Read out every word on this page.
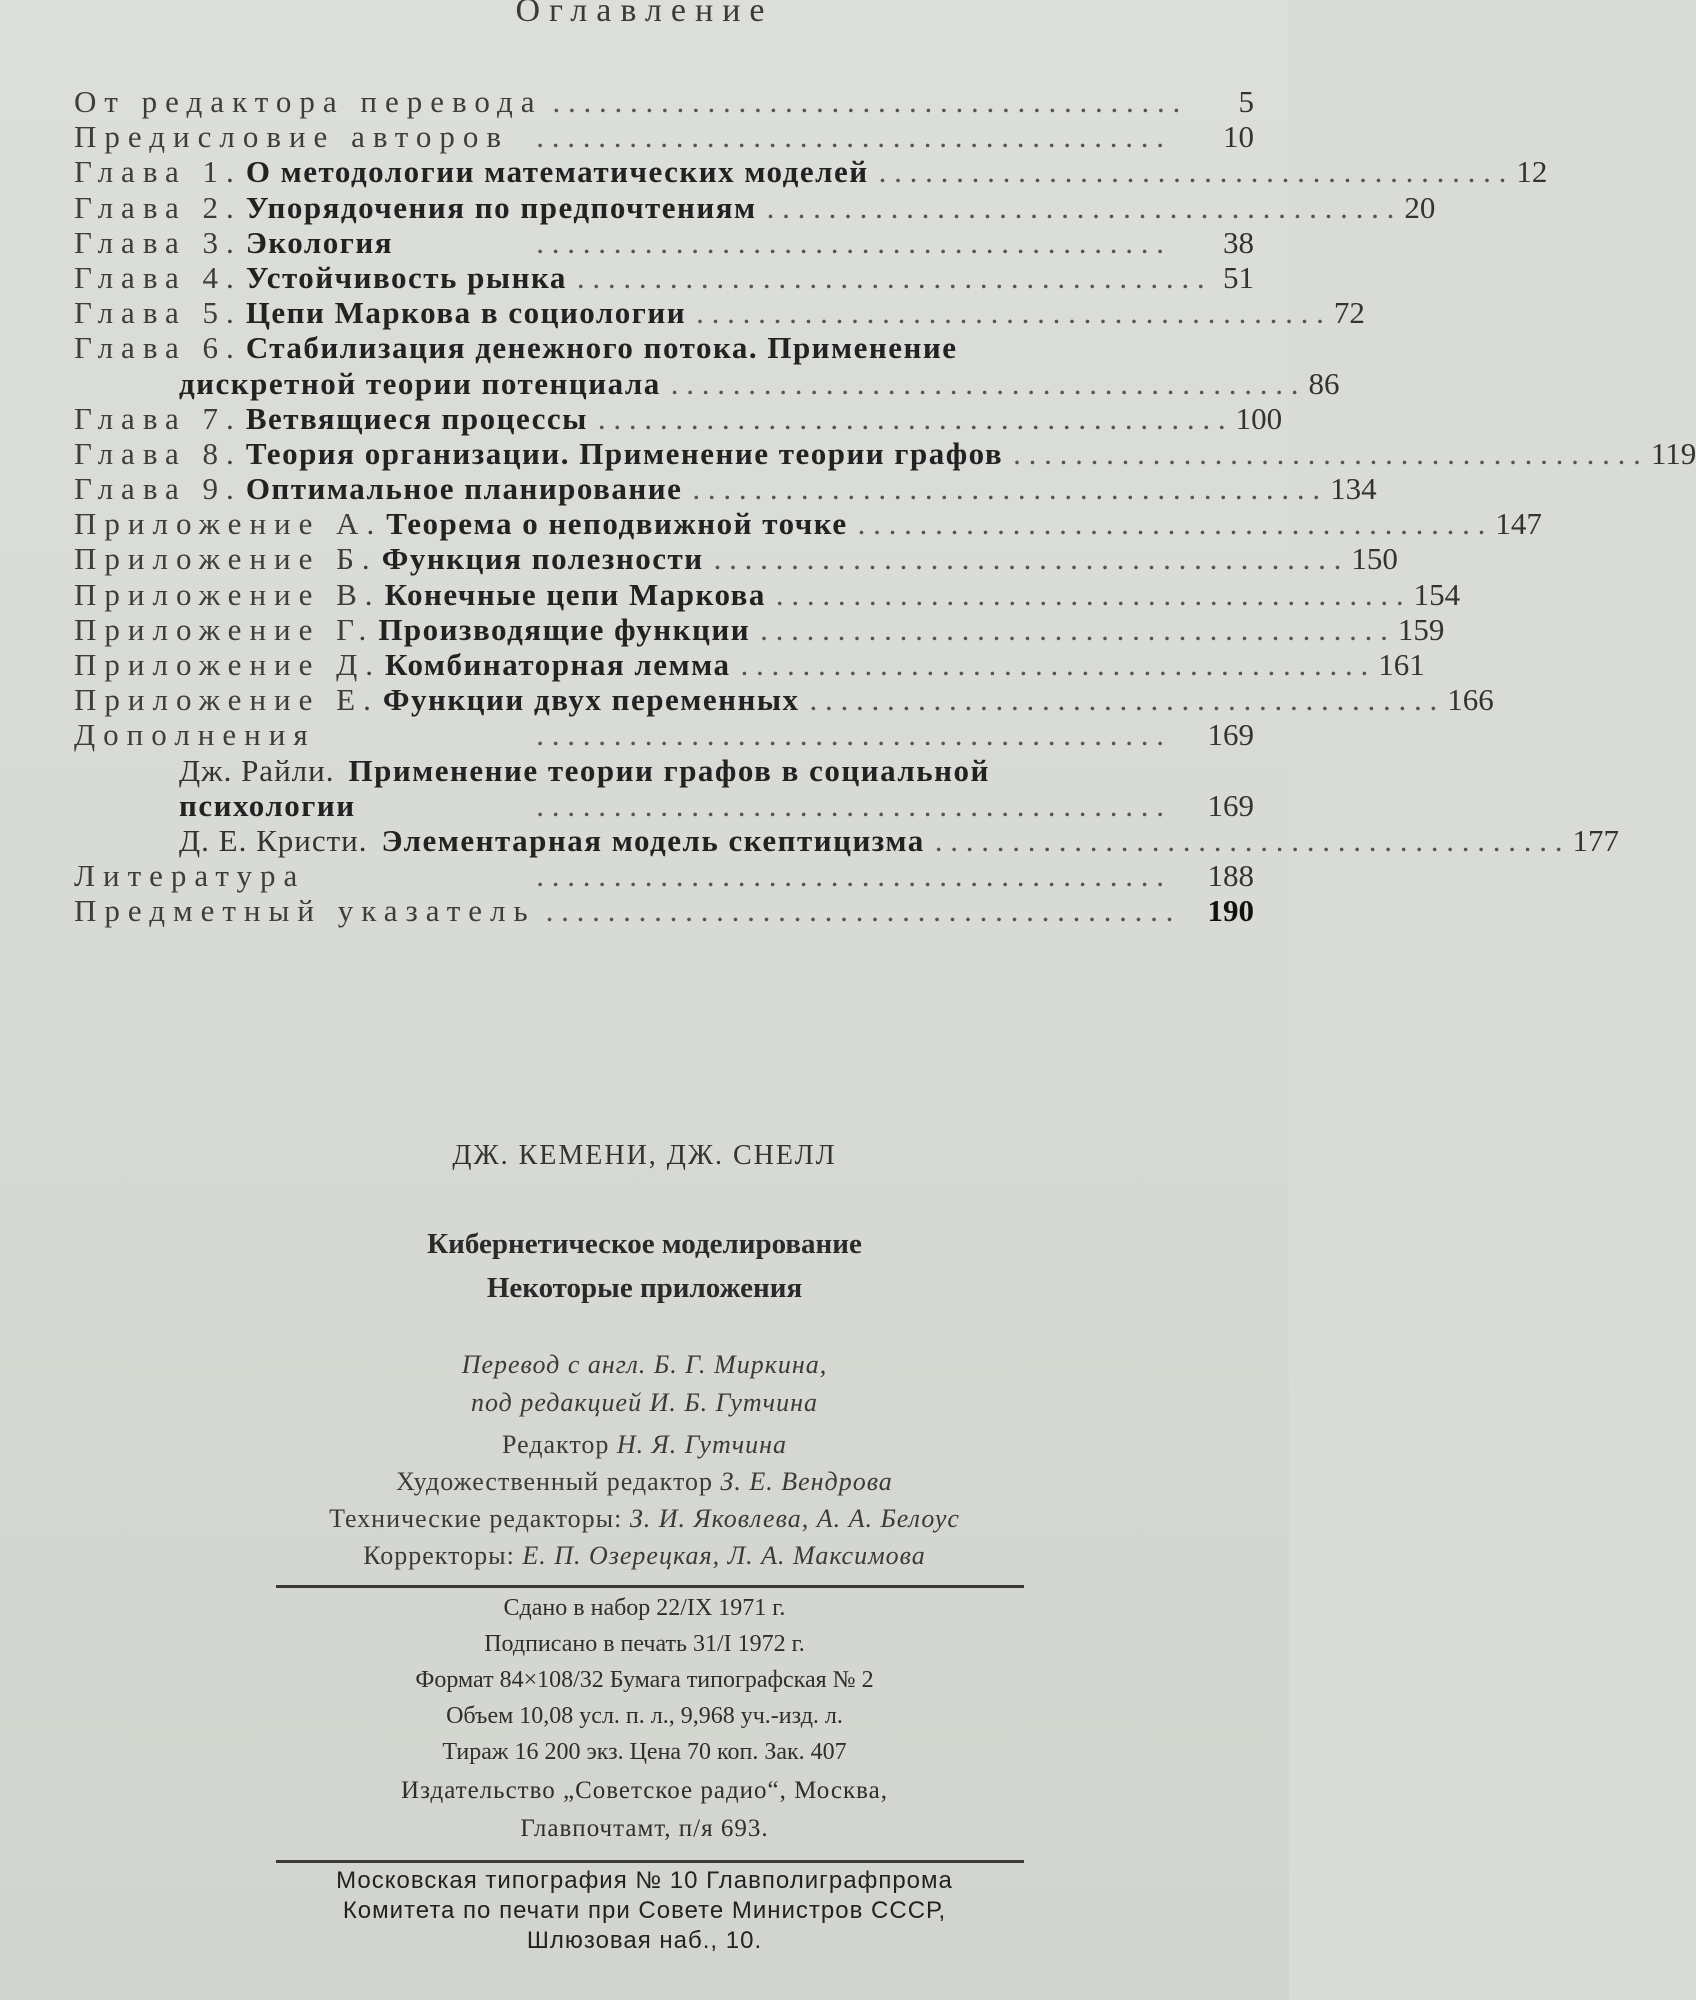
Оглавление
От редактора перевода . . . . . . . . . . . . . . . . . . . . . . . . . . . . . . . . . . . . . . . . .	5
Предисловие авторов . . . . . . . . . . . . . . . . . . . . . . . . . . . . . . . . . . . . . . . . .	10
Глава 1. О методологии математических моделей . . . . . . . . . . . . . . . . . . . . . . . . . . . . . . . . . . . . . . . . . 12
Глава 2. Упорядочения по предпочтениям . . . . . . . . . . . . . . . . . . . . . . . . . . . . . . . . . . . . . . . . . 20
Глава 3. Экология	. . . . . . . . . . . . . . . . . . . . . . . . . . . . . . . . . . . . . . . . .	38
Глава 4. Устойчивость рынка . . . . . . . . . . . . . . . . . . . . . . . . . . . . . . . . . . . . . . . . . 51
Глава 5. Цепи Маркова в социологии . . . . . . . . . . . . . . . . . . . . . . . . . . . . . . . . . . . . . . . . . 72
Глава 6. Стабилизация денежного потока. Применение
дискретной теории потенциала . . . . . . . . . . . . . . . . . . . . . . . . . . . . . . . . . . . . . . . . . 86
Глава 7. Ветвящиеся процессы . . . . . . . . . . . . . . . . . . . . . . . . . . . . . . . . . . . . . . . . . 100
Глава 8. Теория организации. Применение теории графов . . . . . . . . . . . . . . . . . . . . . . . . . . . . . . . . . . . . . . . . . 119
Глава 9. Оптимальное планирование . . . . . . . . . . . . . . . . . . . . . . . . . . . . . . . . . . . . . . . . . 134
Приложение А. Теорема о неподвижной точке . . . . . . . . . . . . . . . . . . . . . . . . . . . . . . . . . . . . . . . . . 147
Приложение Б. Функция полезности . . . . . . . . . . . . . . . . . . . . . . . . . . . . . . . . . . . . . . . . . 150
Приложение В. Конечные цепи Маркова . . . . . . . . . . . . . . . . . . . . . . . . . . . . . . . . . . . . . . . . . 154
Приложение Г. Производящие функции . . . . . . . . . . . . . . . . . . . . . . . . . . . . . . . . . . . . . . . . . 159
Приложение Д. Комбинаторная лемма . . . . . . . . . . . . . . . . . . . . . . . . . . . . . . . . . . . . . . . . . 161
Приложение Е. Функции двух переменных . . . . . . . . . . . . . . . . . . . . . . . . . . . . . . . . . . . . . . . . . 166
Дополнения	. . . . . . . . . . . . . . . . . . . . . . . . . . . . . . . . . . . . . . . . .	169
Дж. Райли. Применение теории графов в социальной
психологии	. . . . . . . . . . . . . . . . . . . . . . . . . . . . . . . . . . . . . . . . .	169
Д. Е. Кристи. Элементарная модель скептицизма . . . . . . . . . . . . . . . . . . . . . . . . . . . . . . . . . . . . . . . . . 177
Литература	. . . . . . . . . . . . . . . . . . . . . . . . . . . . . . . . . . . . . . . . .	188
Предметный указатель . . . . . . . . . . . . . . . . . . . . . . . . . . . . . . . . . . . . . . . . .	190
ДЖ. КЕМЕНИ, ДЖ. СНЕЛЛ
Кибернетическое моделирование
Некоторые приложения
Перевод с англ. Б. Г. Миркина,
под редакцией И. Б. Гутчина
Редактор Н. Я. Гутчина
Художественный редактор З. Е. Вендрова
Технические редакторы: З. И. Яковлева, А. А. Белоус
Корректоры: Е. П. Озерецкая, Л. А. Максимова
Сдано в набор 22/IX 1971 г.
Подписано в печать 31/I 1972 г.
Формат 84×108/32 Бумага типографская № 2
Объем 10,08 усл. п. л., 9,968 уч.-изд. л.
Тираж 16 200 экз. Цена 70 коп. Зак. 407
Издательство „Советское радио“, Москва,
Главпочтамт, п/я 693.
Московская типография № 10 Главполиграфпрома
Комитета по печати при Совете Министров СССР,
Шлюзовая наб., 10.
